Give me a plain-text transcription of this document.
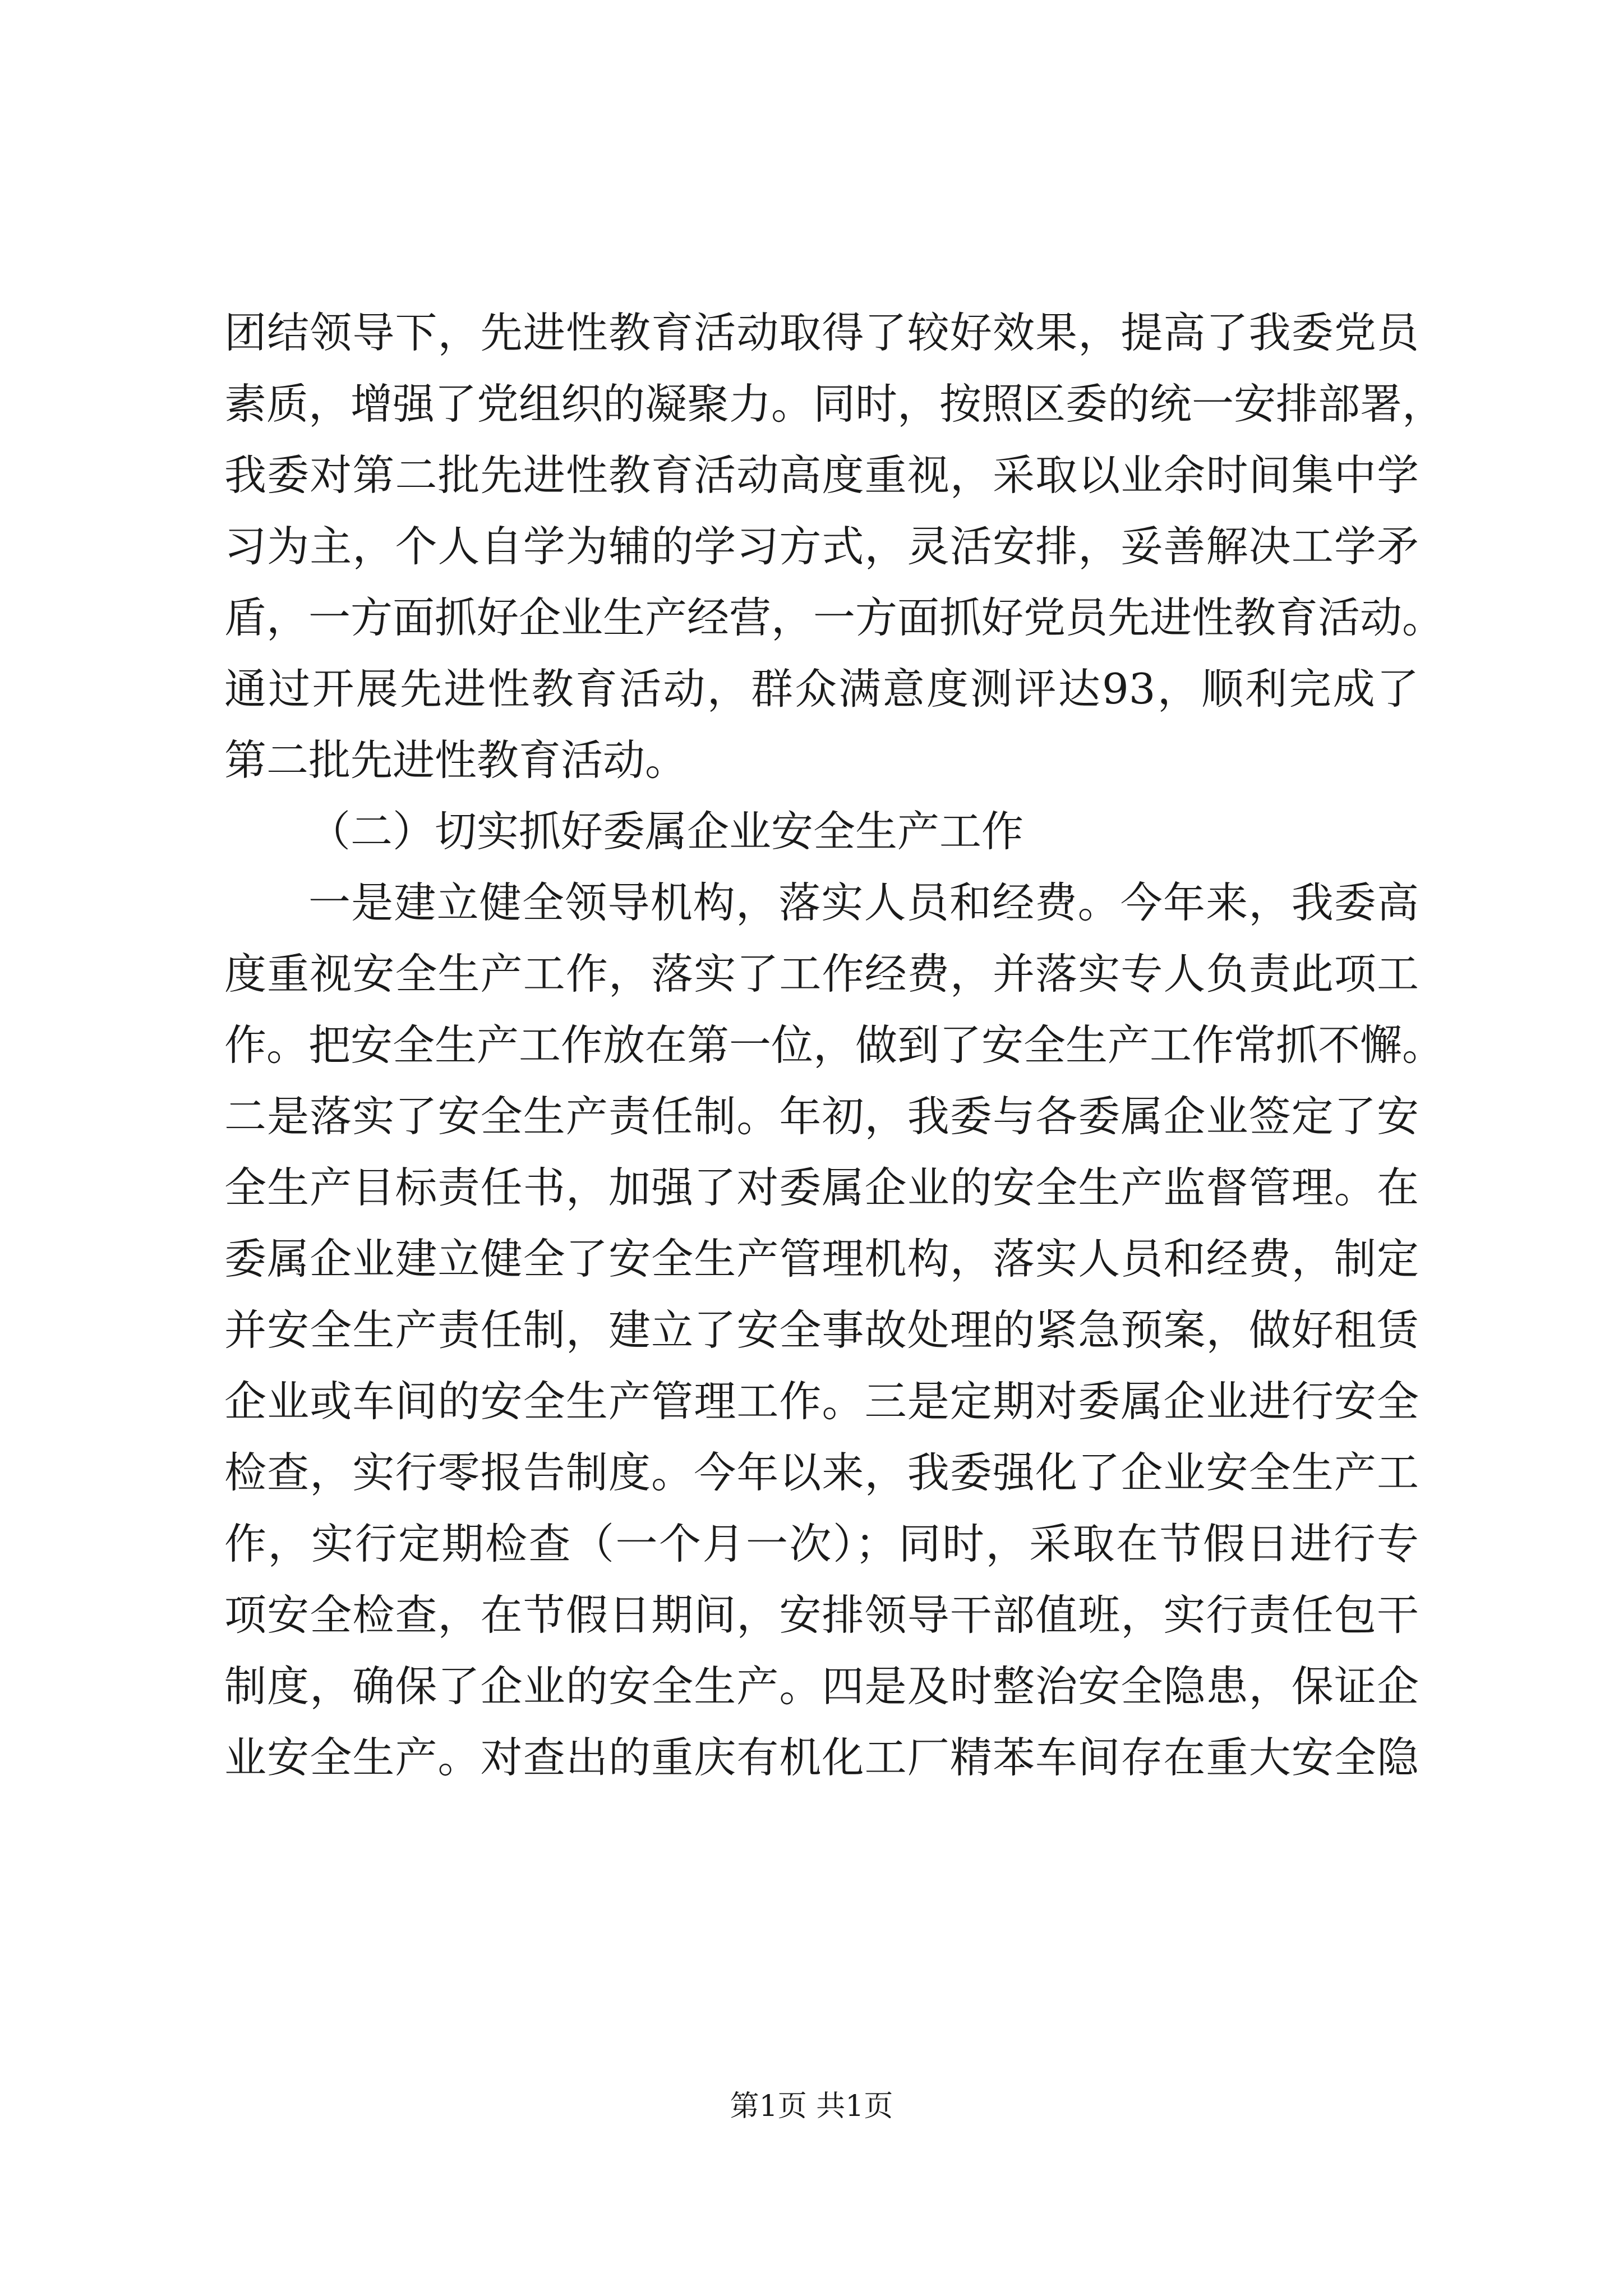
团结领导下，先进性教育活动取得了较好效果，提高了我委党员
素质，增强了党组织的凝聚力。同时，按照区委的统一安排部署，
我委对第二批先进性教育活动高度重视，采取以业余时间集中学
习为主，个人自学为辅的学习方式，灵活安排，妥善解决工学矛
盾，一方面抓好企业生产经营，一方面抓好党员先进性教育活动。
通过开展先进性教育活动，群众满意度测评达93，顺利完成了
第二批先进性教育活动。
（二）切实抓好委属企业安全生产工作
一是建立健全领导机构，落实人员和经费。今年来，我委高
度重视安全生产工作，落实了工作经费，并落实专人负责此项工
作。把安全生产工作放在第一位，做到了安全生产工作常抓不懈。
二是落实了安全生产责任制。年初，我委与各委属企业签定了安
全生产目标责任书，加强了对委属企业的安全生产监督管理。在
委属企业建立健全了安全生产管理机构，落实人员和经费，制定
并安全生产责任制，建立了安全事故处理的紧急预案，做好租赁
企业或车间的安全生产管理工作。三是定期对委属企业进行安全
检查，实行零报告制度。今年以来，我委强化了企业安全生产工
作，实行定期检查（一个月一次）；同时，采取在节假日进行专
项安全检查，在节假日期间，安排领导干部值班，实行责任包干
制度，确保了企业的安全生产。四是及时整治安全隐患，保证企
业安全生产。对查出的重庆有机化工厂精苯车间存在重大安全隐
第1页 共1页
